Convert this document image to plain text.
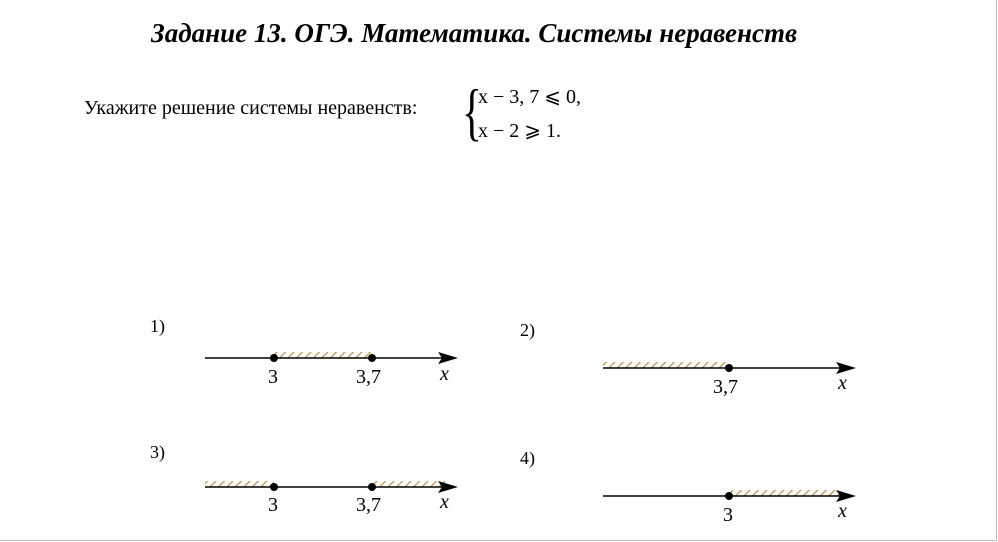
Задание 13. ОГЭ. Математика. Системы неравенств
Укажите решение системы неравенств: {
x − 3, 7 ⩽ 0,
x − 2 ⩾ 1.
1)	2)
3)	4)
3	3,7	x
3,7	x
3	3,7	x
3	x
